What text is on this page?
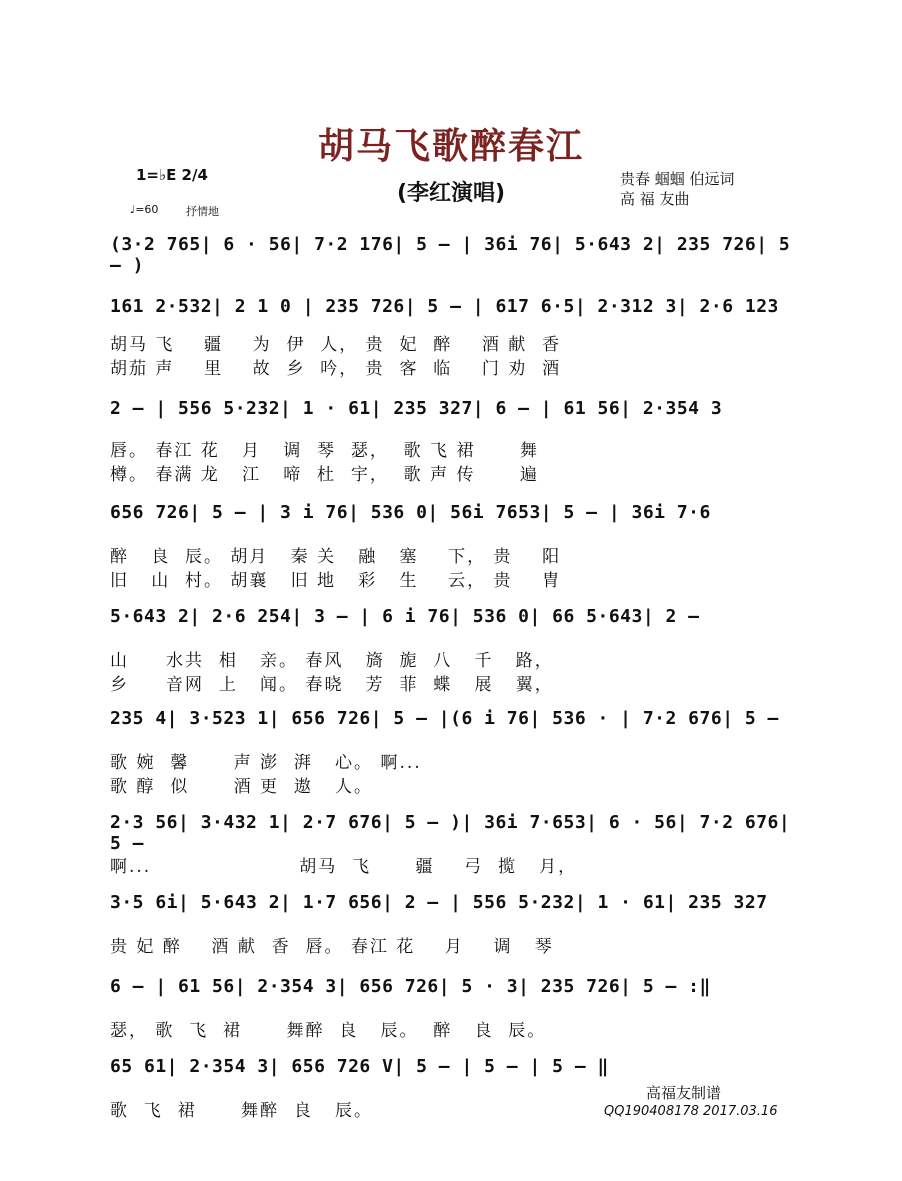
胡马飞歌醉春江
(李红演唱)
1=♭E 2/4
♩=60	抒情地
贵春 蝈蝈 伯远词
高 福 友曲
(3·2 765| 6 · 56| 7·2 176| 5 – | 36i 76| 5·643 2| 235 726| 5 – )
161 2·532| 2 1 0 | 235 726| 5 – | 617 6·5| 2·312 3| 2·6 123
胡马 飞    疆    为  伊  人， 贵  妃  醉    酒 献  香
胡茄 声    里    故  乡  吟， 贵  客  临    门 劝  酒
2 – | 556 5·232| 1 · 61| 235 327| 6 – | 61 56| 2·354 3
唇。 春江 花   月   调  琴  瑟，  歌 飞 裙      舞
樽。 春满 龙   江   啼  杜  宇，  歌 声 传      遍
656 726| 5 – | 3 i 76| 536 0| 56i 7653| 5 – | 36i 7·6
醉   良  辰。 胡月   秦 关   融   塞    下， 贵    阳
旧   山  村。 胡襄   旧 地   彩   生    云， 贵    胄
5·643 2| 2·6 254| 3 – | 6 i 76| 536 0| 66 5·643| 2 –
山     水共  相   亲。 春风   旖  旎  八   千   路，
乡     音网  上   闻。 春晓   芳  菲  蝶   展   翼，
235 4| 3·523 1| 656 726| 5 – |(6 i 76| 536 · | 7·2 676| 5 –
歌 婉  馨      声 澎  湃   心。 啊...
歌 醇  似      酒 更  遨   人。
2·3 56| 3·432 1| 2·7 676| 5 – )| 36i 7·653| 6 · 56| 7·2 676| 5 –
啊...                    胡马  飞      疆    弓  揽   月，
3·5 6i| 5·643 2| 1·7 656| 2 – | 556 5·232| 1 · 61| 235 327
贵 妃 醉    酒 献  香  唇。 春江 花    月    调   琴
6 – | 61 56| 2·354 3| 656 726| 5 · 3| 235 726| 5 – :‖
瑟， 歌  飞  裙      舞醉  良   辰。  醉   良  辰。
65 61| 2·354 3| 656 726 V| 5 – | 5 – | 5 – ‖
歌  飞  裙      舞醉  良   辰。
高福友制谱
QQ190408178 2017.03.16
